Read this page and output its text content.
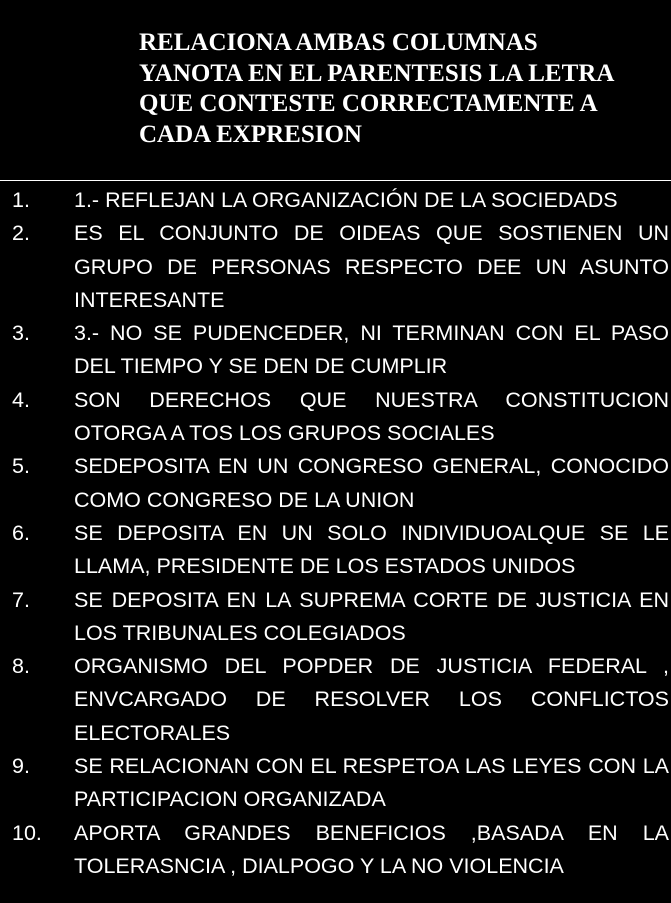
RELACIONA AMBAS COLUMNAS
YANOTA EN EL PARENTESIS LA LETRA
QUE CONTESTE CORRECTAMENTE A
CADA EXPRESION
1.	1.- REFLEJAN LA ORGANIZACIÓN DE LA SOCIEDADS
2.	ES EL CONJUNTO DE OIDEAS QUE SOSTIENEN UN GRUPO DE PERSONAS RESPECTO DEE UN ASUNTO INTERESANTE
3.	3.- NO SE PUDENCEDER, NI TERMINAN CON EL PASO DEL TIEMPO Y SE DEN DE CUMPLIR
4.	SON DERECHOS QUE NUESTRA CONSTITUCION OTORGA A TOS LOS GRUPOS SOCIALES
5.	SEDEPOSITA EN UN CONGRESO GENERAL, CONOCIDO COMO CONGRESO DE LA UNION
6.	SE DEPOSITA EN UN SOLO INDIVIDUOALQUE SE LE LLAMA, PRESIDENTE DE LOS ESTADOS UNIDOS
7.	SE DEPOSITA EN LA SUPREMA CORTE DE JUSTICIA EN LOS TRIBUNALES COLEGIADOS
8.	ORGANISMO DEL POPDER DE JUSTICIA FEDERAL , ENVCARGADO DE RESOLVER LOS CONFLICTOS ELECTORALES
9.	SE RELACIONAN CON EL RESPETOA LAS LEYES CON LA PARTICIPACION ORGANIZADA
10.	APORTA GRANDES BENEFICIOS ,BASADA EN LA TOLERASNCIA , DIALPOGO Y LA NO VIOLENCIA
